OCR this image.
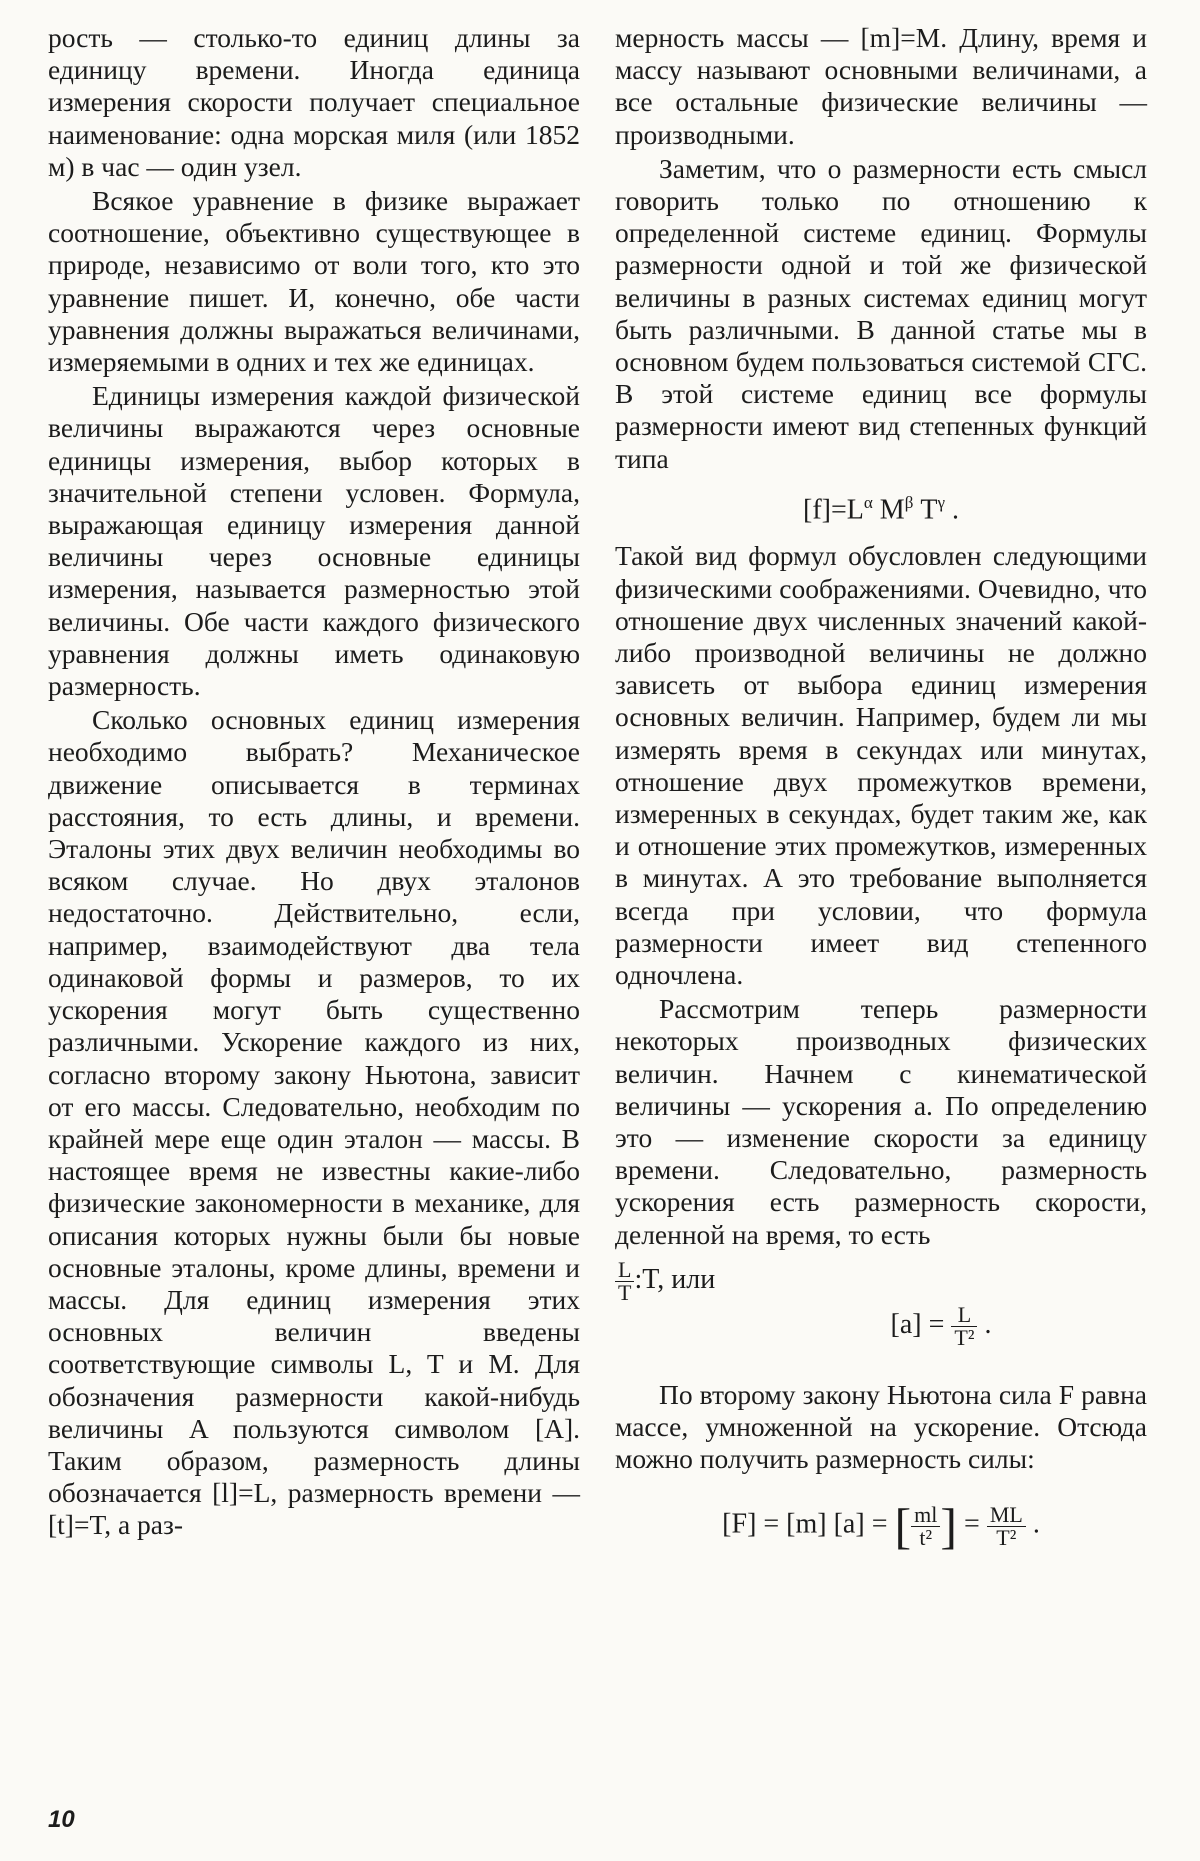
рость — столько-то единиц длины за единицу времени. Иногда единица измерения скорости получает специальное наименование: одна морская миля (или 1852 м) в час — один узел.

Всякое уравнение в физике выражает соотношение, объективно существующее в природе, независимо от воли того, кто это уравнение пишет. И, конечно, обе части уравнения должны выражаться величинами, измеряемыми в одних и тех же единицах.

Единицы измерения каждой физической величины выражаются через основные единицы измерения, выбор которых в значительной степени условен. Формула, выражающая единицу измерения данной величины через основные единицы измерения, называется размерностью этой величины. Обе части каждого физического уравнения должны иметь одинаковую размерность.

Сколько основных единиц измерения необходимо выбрать? Механическое движение описывается в терминах расстояния, то есть длины, и времени. Эталоны этих двух величин необходимы во всяком случае. Но двух эталонов недостаточно. Действительно, если, например, взаимодействуют два тела одинаковой формы и размеров, то их ускорения могут быть существенно различными. Ускорение каждого из них, согласно второму закону Ньютона, зависит от его массы. Следовательно, необходим по крайней мере еще один эталон — массы. В настоящее время не известны какие-либо физические закономерности в механике, для описания которых нужны были бы новые основные эталоны, кроме длины, времени и массы. Для единиц измерения этих основных величин введены соответствующие символы L, T и M. Для обозначения размерности какой-нибудь величины A пользуются символом [A]. Таким образом, размерность длины обозначается [l]=L, размерность времени — [t]=T, а раз-

мерность массы — [m]=M. Длину, время и массу называют основными величинами, а все остальные физические величины — производными.

Заметим, что о размерности есть смысл говорить только по отношению к определенной системе единиц. Формулы размерности одной и той же физической величины в разных системах единиц могут быть различными. В данной статье мы в основном будем пользоваться системой СГС. В этой системе единиц все формулы размерности имеют вид степенных функций типа

$[f]=L^\alpha$ $M^\beta$ $T^\gamma$ .

Такой вид формул обусловлен следующими физическими соображениями. Очевидно, что отношение двух численных значений какой-либо производной величины не должно зависеть от выбора единиц измерения основных величин. Например, будем ли мы измерять время в секундах или минутах, отношение двух промежутков времени, измеренных в секундах, будет таким же, как и отношение этих промежутков, измеренных в минутах. А это требование выполняется всегда при условии, что формула размерности имеет вид степенного одночлена.

Рассмотрим теперь размерности некоторых производных физических величин. Начнем с кинематической величины — ускорения a. По определению это — изменение скорости за единицу времени. Следовательно, размерность ускорения есть размерность скорости, деленной на время, то есть

$\frac{L}{T}$ :T, или
$[a] = \frac{L}{\text{T²}}$ .

По второму закону Ньютона сила F равна массе, умноженной на ускорение. Отсюда можно получить размерность силы:

[F] = [m] [a] = [ $\frac{ml}{\text{t²}}$ ] = $\frac{ML}{\text{T²}}$ .
10
